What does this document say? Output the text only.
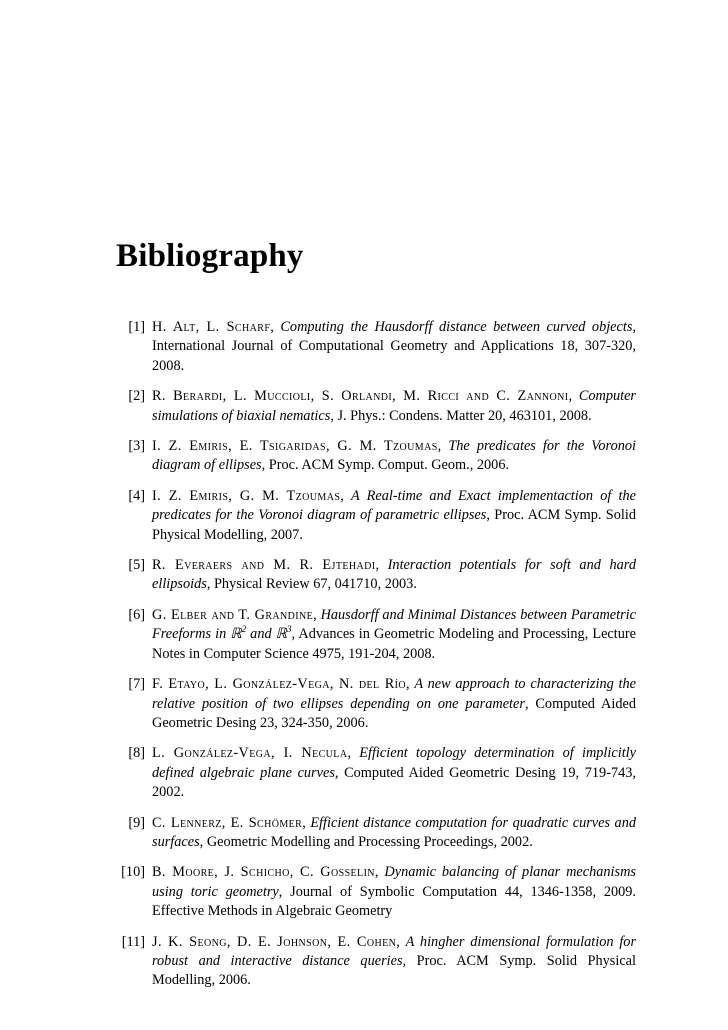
Bibliography
[1] H. Alt, L. Scharf, Computing the Hausdorff distance between curved objects, International Journal of Computational Geometry and Applications 18, 307-320, 2008.
[2] R. Berardi, L. Muccioli, S. Orlandi, M. Ricci and C. Zannoni, Computer simulations of biaxial nematics, J. Phys.: Condens. Matter 20, 463101, 2008.
[3] I. Z. Emiris, E. Tsigaridas, G. M. Tzoumas, The predicates for the Voronoi diagram of ellipses, Proc. ACM Symp. Comput. Geom., 2006.
[4] I. Z. Emiris, G. M. Tzoumas, A Real-time and Exact implementaction of the predicates for the Voronoi diagram of parametric ellipses, Proc. ACM Symp. Solid Physical Modelling, 2007.
[5] R. Everaers and M. R. Ejtehadi, Interaction potentials for soft and hard ellipsoids, Physical Review 67, 041710, 2003.
[6] G. Elber and T. Grandine, Hausdorff and Minimal Distances between Parametric Freeforms in ℝ$^2$ and ℝ$^3$, Advances in Geometric Modeling and Processing, Lecture Notes in Computer Science 4975, 191-204, 2008.
[7] F. Etayo, L. González-Vega, N. del Río, A new approach to characterizing the relative position of two ellipses depending on one parameter, Computed Aided Geometric Desing 23, 324-350, 2006.
[8] L. González-Vega, I. Necula, Efficient topology determination of implicitly defined algebraic plane curves, Computed Aided Geometric Desing 19, 719-743, 2002.
[9] C. Lennerz, E. Schömer, Efficient distance computation for quadratic curves and surfaces, Geometric Modelling and Processing Proceedings, 2002.
[10] B. Moore, J. Schicho, C. Gosselin, Dynamic balancing of planar mechanisms using toric geometry, Journal of Symbolic Computation 44, 1346-1358, 2009. Effective Methods in Algebraic Geometry
[11] J. K. Seong, D. E. Johnson, E. Cohen, A hingher dimensional formulation for robust and interactive distance queries, Proc. ACM Symp. Solid Physical Modelling, 2006.
